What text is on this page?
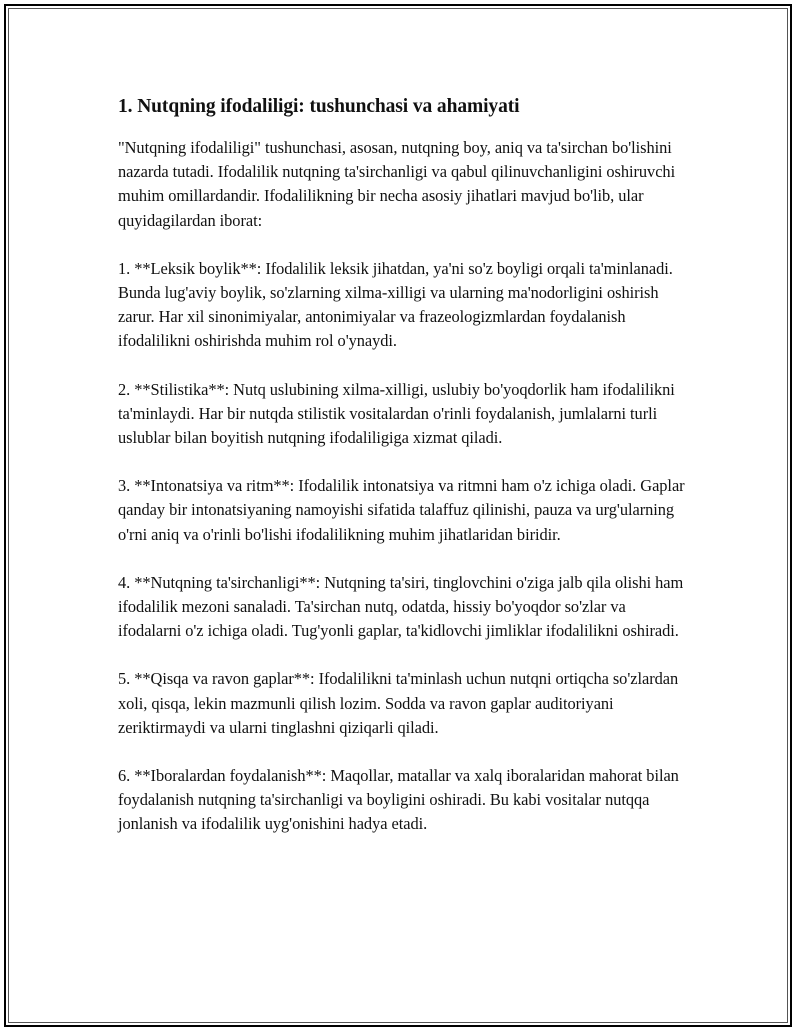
1. Nutqning ifodaliligi: tushunchasi va ahamiyati

"Nutqning ifodaliligi" tushunchasi, asosan, nutqning boy, aniq va ta'sirchan bo'lishini nazarda tutadi. Ifodalilik nutqning ta'sirchanligi va qabul qilinuvchanligini oshiruvchi muhim omillardandir. Ifodalilikning bir necha asosiy jihatlari mavjud bo'lib, ular quyidagilardan iborat:

1. **Leksik boylik**: Ifodalilik leksik jihatdan, ya'ni so'z boyligi orqali ta'minlanadi. Bunda lug'aviy boylik, so'zlarning xilma-xilligi va ularning ma'nodorligini oshirish zarur. Har xil sinonimiyalar, antonimiyalar va frazeologizmlardan foydalanish ifodalilikni oshirishda muhim rol o'ynaydi.

2. **Stilistika**: Nutq uslubining xilma-xilligi, uslubiy bo'yoqdorlik ham ifodalilikni ta'minlaydi. Har bir nutqda stilistik vositalardan o'rinli foydalanish, jumlalarni turli uslublar bilan boyitish nutqning ifodaliligiga xizmat qiladi.

3. **Intonatsiya va ritm**: Ifodalilik intonatsiya va ritmni ham o'z ichiga oladi. Gaplar qanday bir intonatsiyaning namoyishi sifatida talaffuz qilinishi, pauza va urg'ularning o'rni aniq va o'rinli bo'lishi ifodalilikning muhim jihatlaridan biridir.

4. **Nutqning ta'sirchanligi**: Nutqning ta'siri, tinglovchini o'ziga jalb qila olishi ham ifodalilik mezoni sanaladi. Ta'sirchan nutq, odatda, hissiy bo'yoqdor so'zlar va ifodalarni o'z ichiga oladi. Tug'yonli gaplar, ta'kidlovchi jimliklar ifodalilikni oshiradi.

5. **Qisqa va ravon gaplar**: Ifodalilikni ta'minlash uchun nutqni ortiqcha so'zlardan xoli, qisqa, lekin mazmunli qilish lozim. Sodda va ravon gaplar auditoriyani zeriktirmaydi va ularni tinglashni qiziqarli qiladi.

6. **Iboralardan foydalanish**: Maqollar, matallar va xalq iboralaridan mahorat bilan foydalanish nutqning ta'sirchanligi va boyligini oshiradi. Bu kabi vositalar nutqqa jonlanish va ifodalilik uyg'onishini hadya etadi.
